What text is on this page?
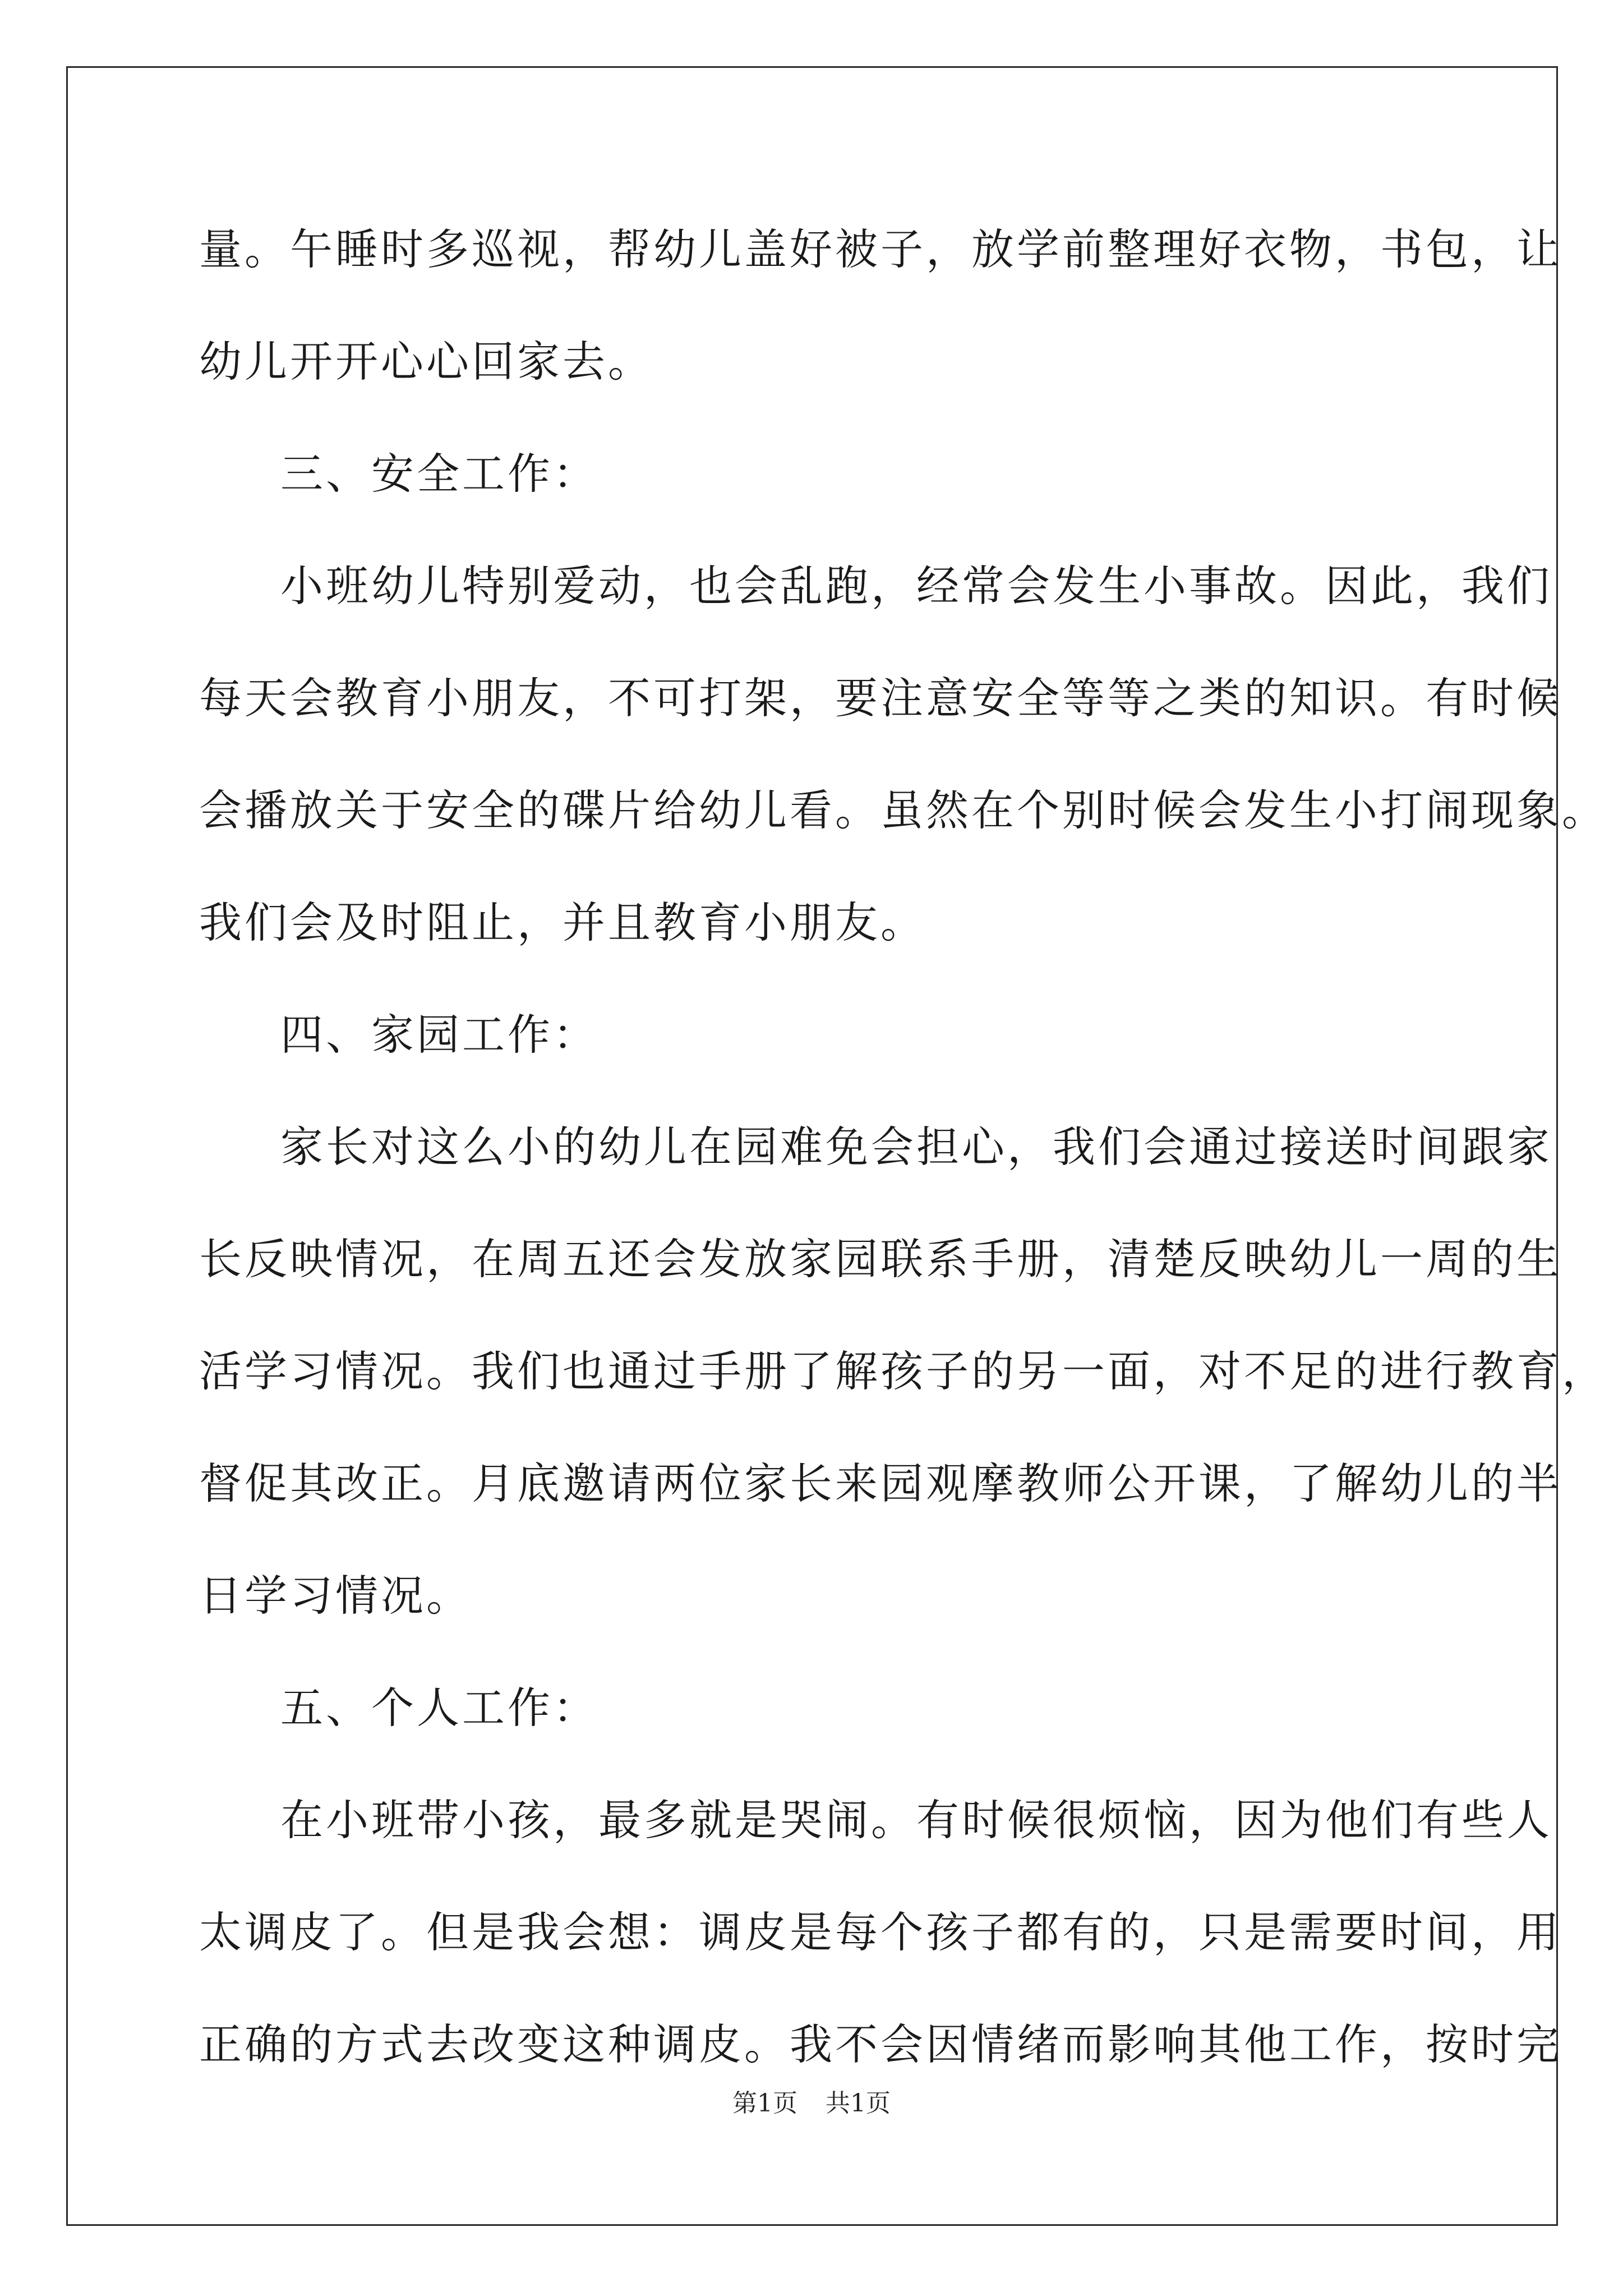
量。午睡时多巡视，帮幼儿盖好被子，放学前整理好衣物，书包，让
幼儿开开心心回家去。
三、安全工作：
小班幼儿特别爱动，也会乱跑，经常会发生小事故。因此，我们
每天会教育小朋友，不可打架，要注意安全等等之类的知识。有时候
会播放关于安全的碟片给幼儿看。虽然在个别时候会发生小打闹现象。
我们会及时阻止，并且教育小朋友。
四、家园工作：
家长对这么小的幼儿在园难免会担心，我们会通过接送时间跟家
长反映情况，在周五还会发放家园联系手册，清楚反映幼儿一周的生
活学习情况。我们也通过手册了解孩子的另一面，对不足的进行教育，
督促其改正。月底邀请两位家长来园观摩教师公开课，了解幼儿的半
日学习情况。
五、个人工作：
在小班带小孩，最多就是哭闹。有时候很烦恼，因为他们有些人
太调皮了。但是我会想：调皮是每个孩子都有的，只是需要时间，用
正确的方式去改变这种调皮。我不会因情绪而影响其他工作，按时完
第1页 共1页
